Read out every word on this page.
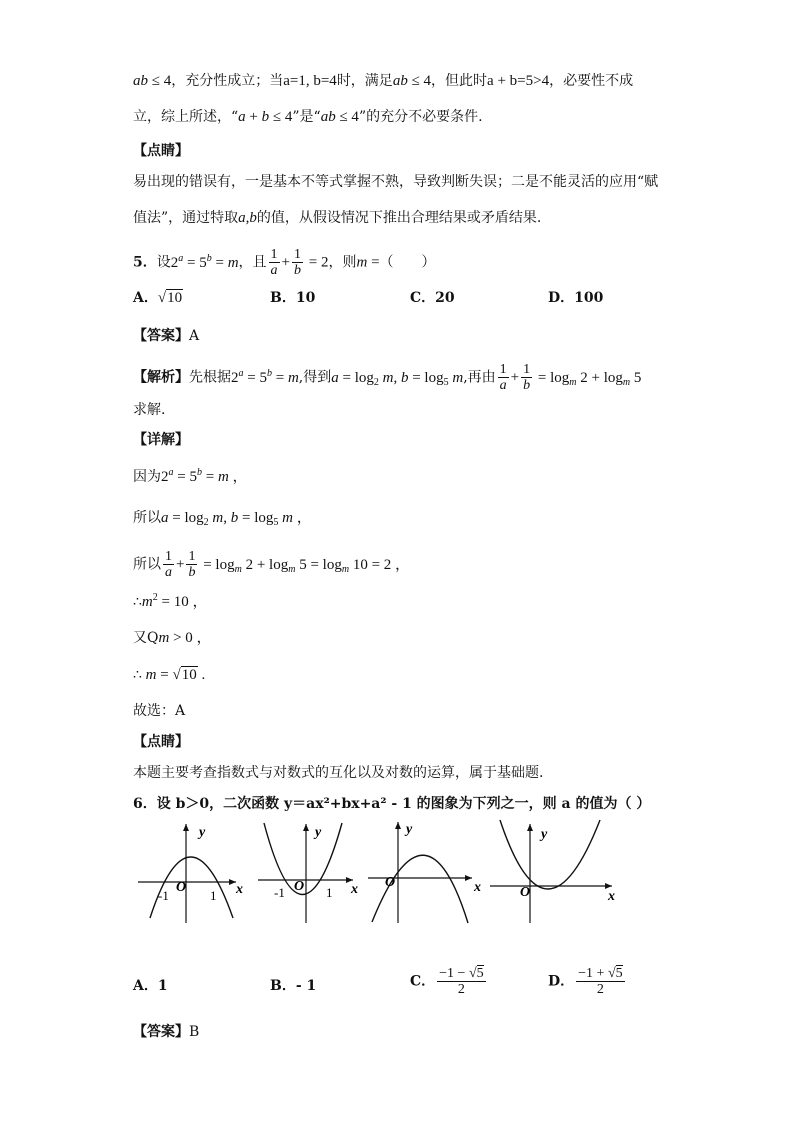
ab ≤ 4，充分性成立；当a=1, b=4时，满足ab ≤ 4，但此时a + b=5>4，必要性不成
立，综上所述，“a + b ≤ 4”是“ab ≤ 4”的充分不必要条件.
【点睛】
易出现的错误有，一是基本不等式掌握不熟，导致判断失误；二是不能灵活的应用“赋
值法”，通过特取a,b的值，从假设情况下推出合理结果或矛盾结果.
5．设$2^a = 5^b = m$，且 $\frac{1}{a} + \frac{1}{b} = 2$，则m =（　　）
A．√10	B．10	C．20	D．100
【答案】A
【解析】先根据$2^a = 5^b = m$,得到$a = \log_2 m$, $b = \log_5 m$,再由 $\frac{1}{a} + \frac{1}{b} = \log_m 2 + \log_m 5$
求解.
【详解】
因为$2^a = 5^b = m$ ，
所以$a = \log_2 m$, $b = \log_5 m$ ，
所以 $\frac{1}{a} + \frac{1}{b} = \log_m 2 + \log_m 5 = \log_m 10 = 2$ ，
$\therefore m^2 = 10$ ，
又Qm > 0 ，
∴ m = √10 .
故选：A
【点睛】
本题主要考查指数式与对数式的互化以及对数的运算，属于基础题.
6．设 b＞0，二次函数 y＝ax²+bx+a² - 1 的图象为下列之一，则 a 的值为（ ）
y
x
O
-1	1
y
x
O
-1	1
y
x
O
y
x
O
A．1	B．- 1	C． $\frac{-1 - √5}{2}$	D． $\frac{-1 + √5}{2}$
【答案】B
